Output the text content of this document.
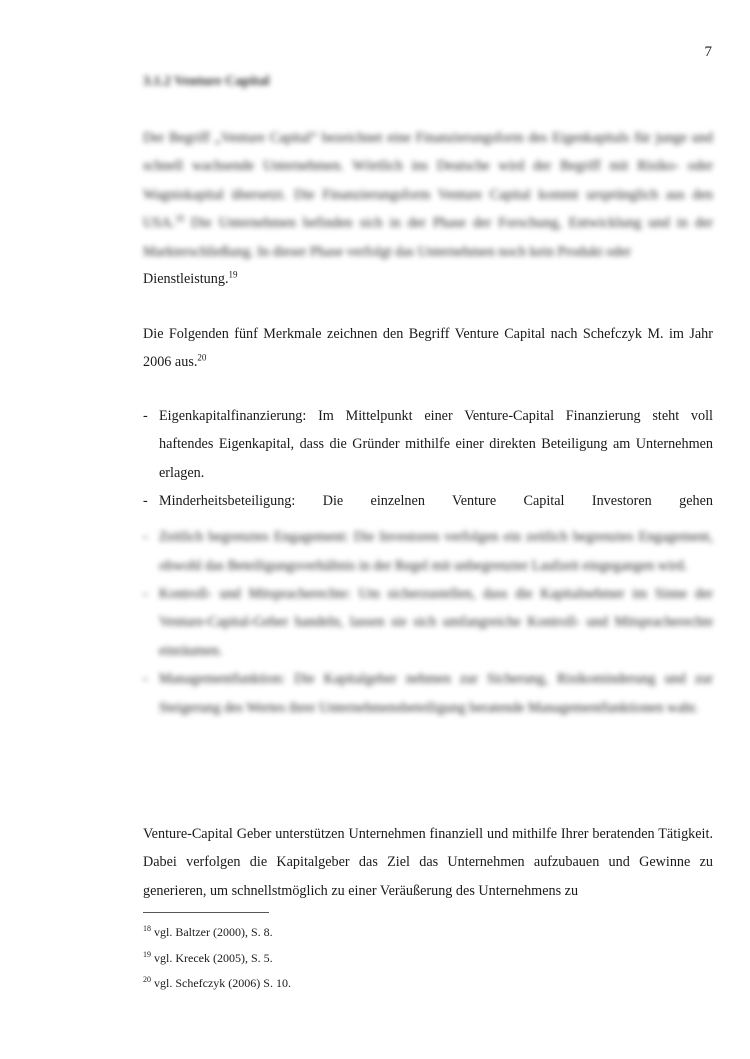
7
3.1.2 Venture Capital

Der Begriff „Venture Capital“ bezeichnet eine Finanzierungsform des Eigenkapitals für junge und schnell wachsende Unternehmen. Wörtlich ins Deutsche wird der Begriff mit Risiko- oder Wagniskapital übersetzt. Die Finanzierungsform Venture Capital kommt ursprünglich aus den USA.$^{18}$ Die Unternehmen befinden sich in der Phase der Forschung, Entwicklung und in der Markterschließung. In dieser Phase verfolgt das Unternehmen noch kein Produkt oder

Dienstleistung.$^{19}$

Die Folgenden fünf Merkmale zeichnen den Begriff Venture Capital nach Schefczyk M. im Jahr 2006 aus.$^{20}$

- Eigenkapitalfinanzierung: Im Mittelpunkt einer Venture-Capital Finanzierung steht voll haftendes Eigenkapital, dass die Gründer mithilfe einer direkten Beteiligung am Unternehmen erlagen.
- Minderheitsbeteiligung: Die einzelnen Venture Capital Investoren gehen
- Zeitlich begrenztes Engagement: Die Investoren verfolgen ein zeitlich begrenztes Engagement, obwohl das Beteiligungsverhältnis in der Regel mit unbegrenzter Laufzeit eingegangen wird.
- Kontroll- und Mitspracherechte: Um sicherzustellen, dass die Kapitalnehmer im Sinne der Venture-Capital-Geber handeln, lassen sie sich umfangreiche Kontroll- und Mitspracherechte einräumen.
- Managementfunktion: Die Kapitalgeber nehmen zur Sicherung, Risikominderung und zur Steigerung des Wertes ihrer Unternehmensbeteiligung beratende Managementfunktionen wahr.

Venture-Capital Geber unterstützen Unternehmen finanziell und mithilfe Ihrer beratenden Tätigkeit. Dabei verfolgen die Kapitalgeber das Ziel das Unternehmen aufzubauen und Gewinne zu generieren, um schnellstmöglich zu einer Veräußerung des Unternehmens zu

$^{18}$ vgl. Baltzer (2000), S. 8.
$^{19}$ vgl. Krecek (2005), S. 5.
$^{20}$ vgl. Schefczyk (2006) S. 10.
